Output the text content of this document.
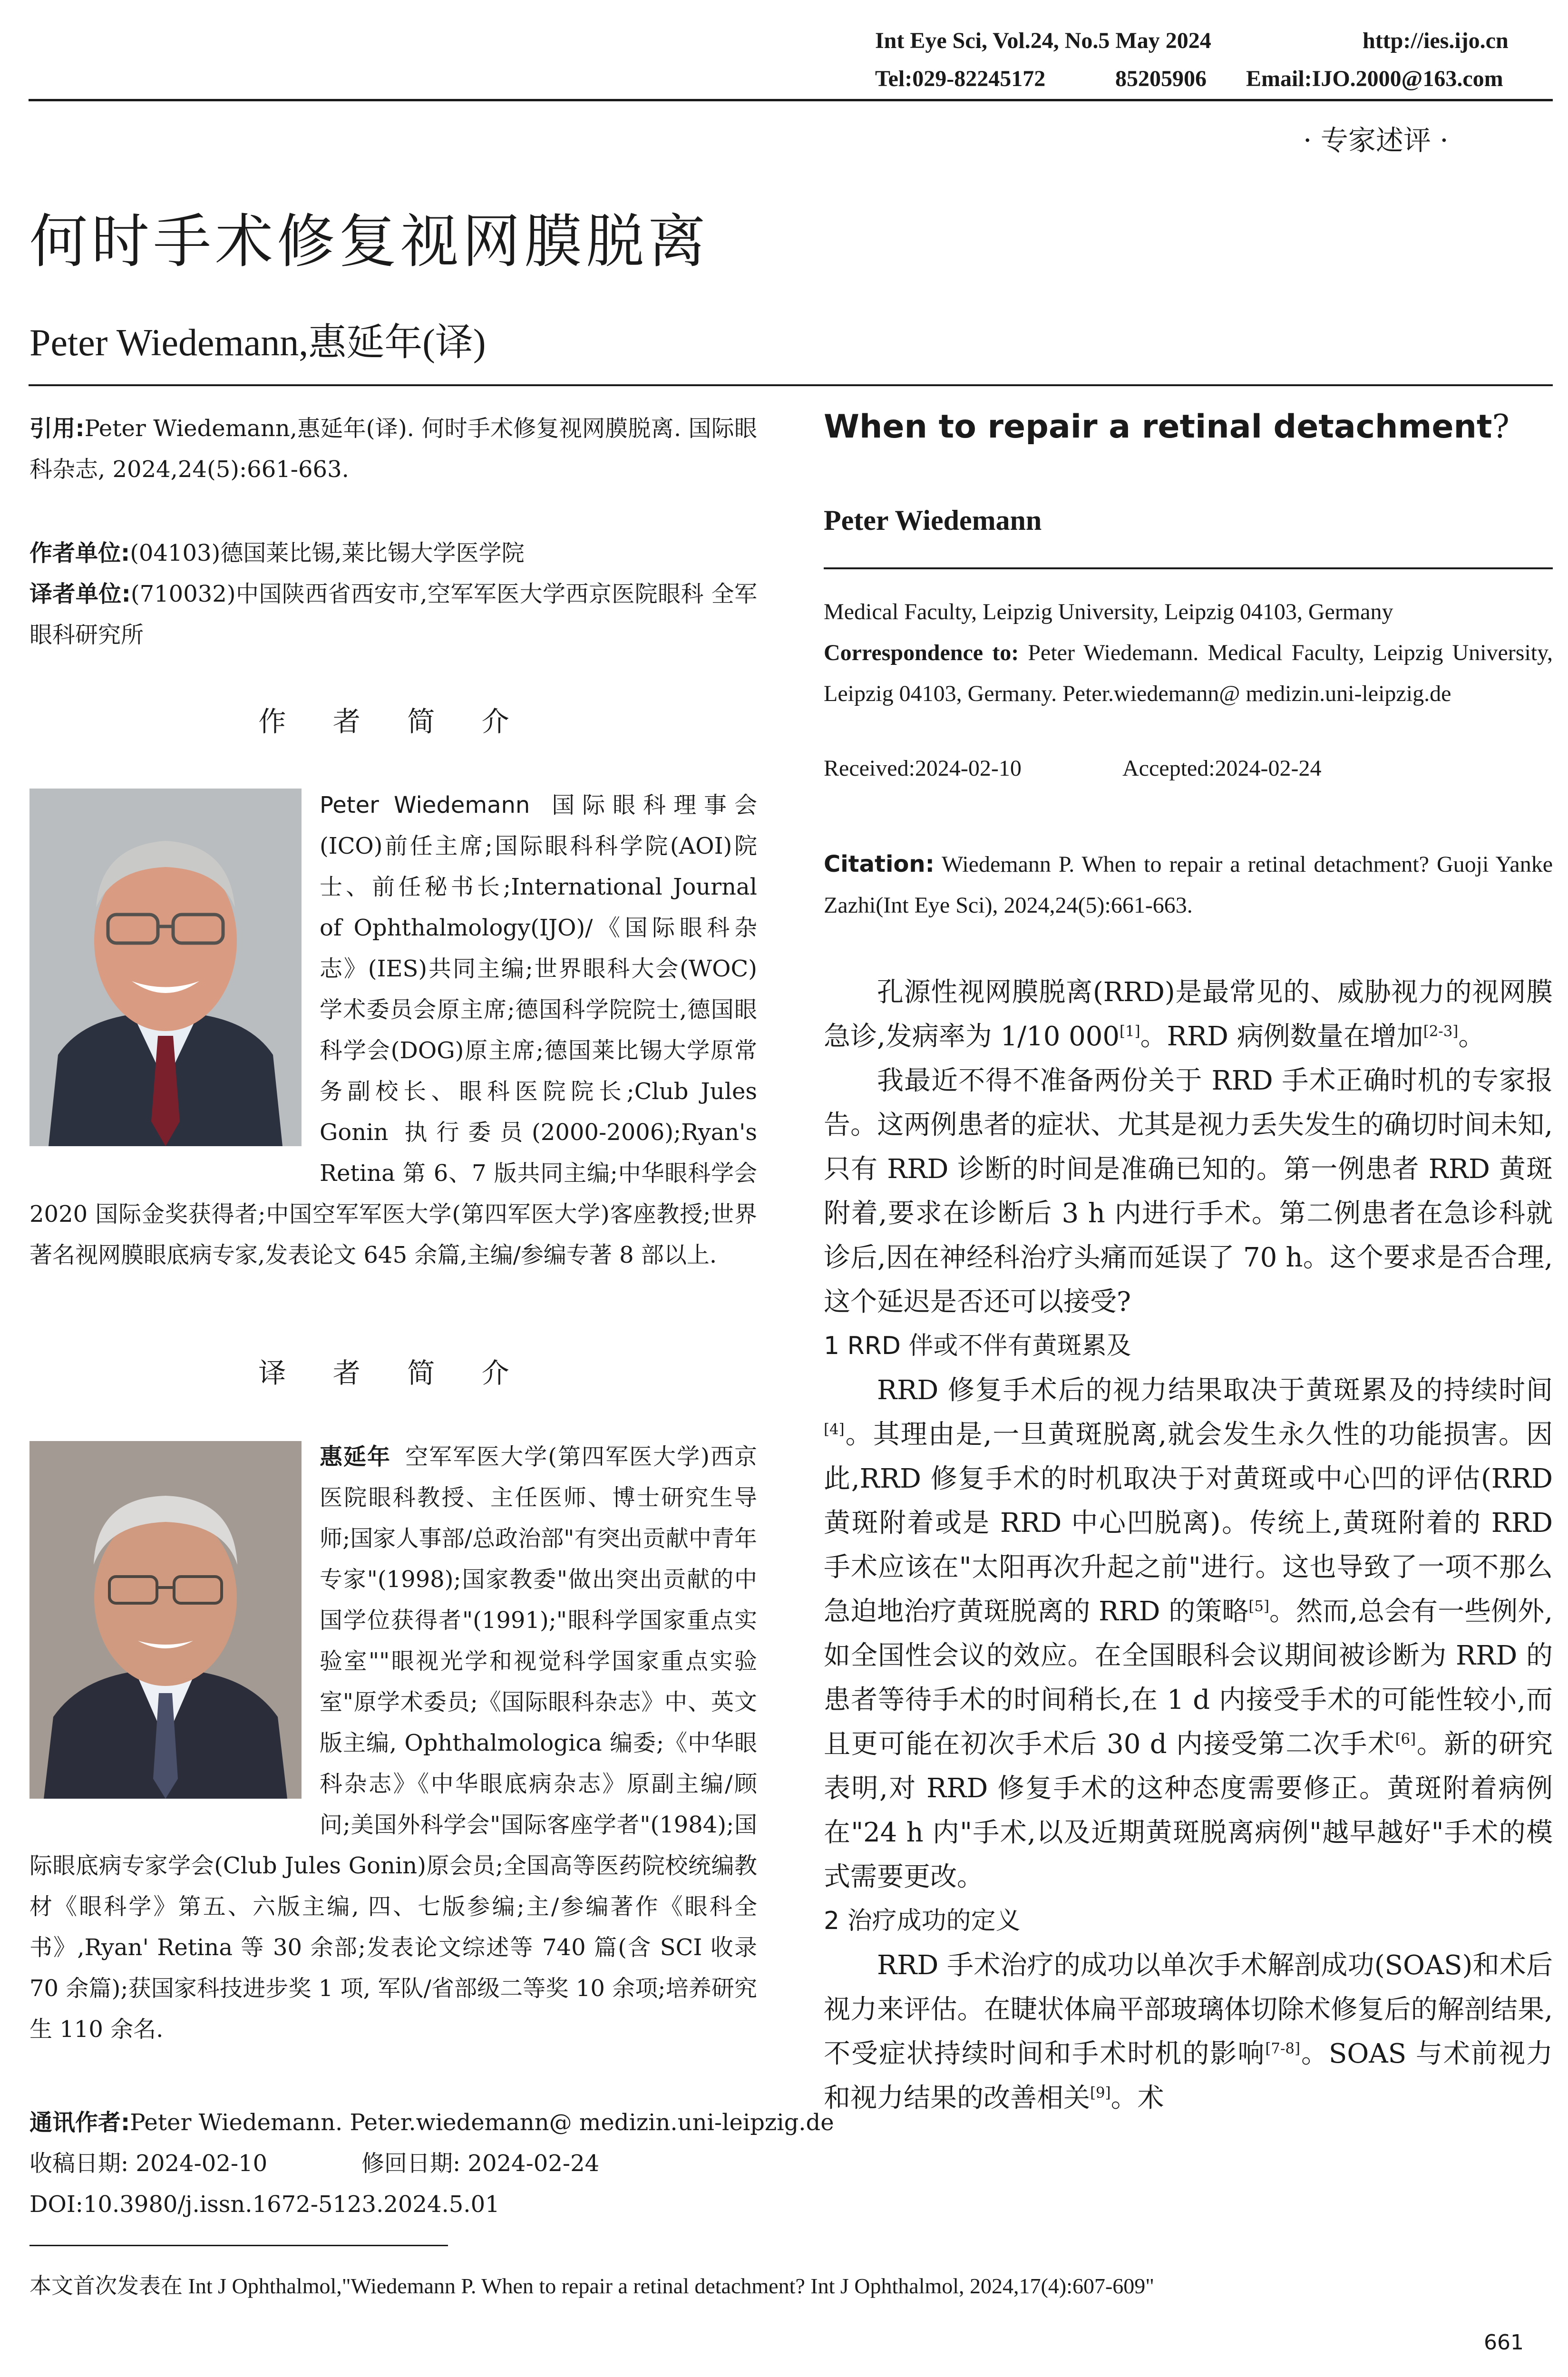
Int Eye Sci, Vol.24, No.5 May 2024	http://ies.ijo.cn
Tel:029-82245172	85205906 Email:IJO.2000@163.com
· 专家述评 ·
何时手术修复视网膜脱离
Peter Wiedemann,惠延年(译)
引用:Peter Wiedemann,惠延年(译). 何时手术修复视网膜脱离. 国际眼科杂志, 2024,24(5):661-663.
作者单位:(04103)德国莱比锡,莱比锡大学医学院
译者单位:(710032)中国陕西省西安市,空军军医大学西京医院眼科 全军眼科研究所
作 者 简 介
Peter Wiedemann 国际眼科理事会(ICO)前任主席;国际眼科科学院(AOI)院士、前任秘书长;International Journal of Ophthalmology(IJO)/《国际眼科杂志》(IES)共同主编;世界眼科大会(WOC)学术委员会原主席;德国科学院院士,德国眼科学会(DOG)原主席;德国莱比锡大学原常务副校长、眼科医院院长;Club Jules Gonin 执行委员(2000-2006);Ryan's Retina 第 6、7 版共同主编;中华眼科学会 2020 国际金奖获得者;中国空军军医大学(第四军医大学)客座教授;世界著名视网膜眼底病专家,发表论文 645 余篇,主编/参编专著 8 部以上.
译 者 简 介
惠延年 空军军医大学(第四军医大学)西京医院眼科教授、主任医师、博士研究生导师;国家人事部/总政治部"有突出贡献中青年专家"(1998);国家教委"做出突出贡献的中国学位获得者"(1991);"眼科学国家重点实验室""眼视光学和视觉科学国家重点实验室"原学术委员;《国际眼科杂志》中、英文版主编, Ophthalmologica 编委;《中华眼科杂志》《中华眼底病杂志》原副主编/顾问;美国外科学会"国际客座学者"(1984);国际眼底病专家学会(Club Jules Gonin)原会员;全国高等医药院校统编教材《眼科学》第五、六版主编, 四、七版参编;主/参编著作《眼科全书》,Ryan' Retina 等 30 余部;发表论文综述等 740 篇(含 SCI 收录 70 余篇);获国家科技进步奖 1 项, 军队/省部级二等奖 10 余项;培养研究生 110 余名.
通讯作者:Peter Wiedemann. Peter.wiedemann@ medizin.uni-leipzig.de
收稿日期: 2024-02-10	修回日期: 2024-02-24
DOI:10.3980/j.issn.1672-5123.2024.5.01
When to repair a retinal detachment?
Peter Wiedemann
Medical Faculty, Leipzig University, Leipzig 04103, Germany
Correspondence to: Peter Wiedemann. Medical Faculty, Leipzig University, Leipzig 04103, Germany. Peter.wiedemann@ medizin.uni-leipzig.de
Received:2024-02-10	Accepted:2024-02-24
Citation: Wiedemann P. When to repair a retinal detachment? Guoji Yanke Zazhi(Int Eye Sci), 2024,24(5):661-663.

孔源性视网膜脱离(RRD)是最常见的、威胁视力的视网膜急诊,发病率为 1/10 000[1]。RRD 病例数量在增加[2-3]。

我最近不得不准备两份关于 RRD 手术正确时机的专家报告。这两例患者的症状、尤其是视力丢失发生的确切时间未知,只有 RRD 诊断的时间是准确已知的。第一例患者 RRD 黄斑附着,要求在诊断后 3 h 内进行手术。第二例患者在急诊科就诊后,因在神经科治疗头痛而延误了 70 h。这个要求是否合理,这个延迟是否还可以接受?

1 RRD 伴或不伴有黄斑累及

RRD 修复手术后的视力结果取决于黄斑累及的持续时间[4]。其理由是,一旦黄斑脱离,就会发生永久性的功能损害。因此,RRD 修复手术的时机取决于对黄斑或中心凹的评估(RRD 黄斑附着或是 RRD 中心凹脱离)。传统上,黄斑附着的 RRD 手术应该在"太阳再次升起之前"进行。这也导致了一项不那么急迫地治疗黄斑脱离的 RRD 的策略[5]。然而,总会有一些例外,如全国性会议的效应。在全国眼科会议期间被诊断为 RRD 的患者等待手术的时间稍长,在 1 d 内接受手术的可能性较小,而且更可能在初次手术后 30 d 内接受第二次手术[6]。新的研究表明,对 RRD 修复手术的这种态度需要修正。黄斑附着病例在"24 h 内"手术,以及近期黄斑脱离病例"越早越好"手术的模式需要更改。

2 治疗成功的定义

RRD 手术治疗的成功以单次手术解剖成功(SOAS)和术后视力来评估。在睫状体扁平部玻璃体切除术修复后的解剖结果,不受症状持续时间和手术时机的影响[7-8]。SOAS 与术前视力和视力结果的改善相关[9]。术

本文首次发表在 Int J Ophthalmol,"Wiedemann P. When to repair a retinal detachment? Int J Ophthalmol, 2024,17(4):607-609"
661
